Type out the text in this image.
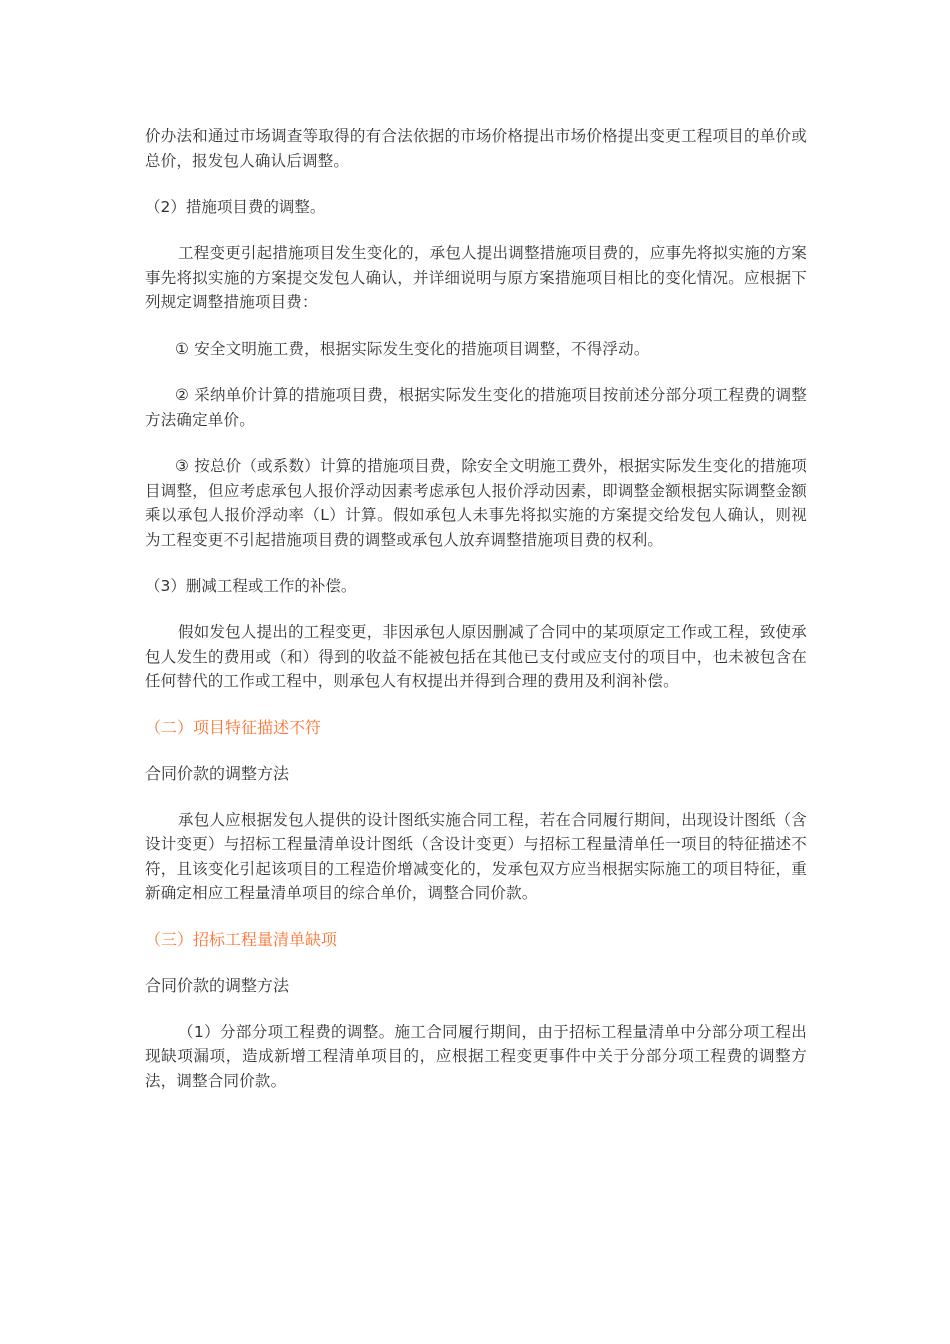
价办法和通过市场调查等取得的有合法依据的市场价格提出市场价格提出变更工程项目的单价或总价，报发包人确认后调整。

（2）措施项目费的调整。

工程变更引起措施项目发生变化的，承包人提出调整措施项目费的，应事先将拟实施的方案事先将拟实施的方案提交发包人确认，并详细说明与原方案措施项目相比的变化情况。应根据下列规定调整措施项目费：

① 安全文明施工费，根据实际发生变化的措施项目调整，不得浮动。

② 采纳单价计算的措施项目费，根据实际发生变化的措施项目按前述分部分项工程费的调整方法确定单价。

③ 按总价（或系数）计算的措施项目费，除安全文明施工费外，根据实际发生变化的措施项目调整，但应考虑承包人报价浮动因素考虑承包人报价浮动因素，即调整金额根据实际调整金额乘以承包人报价浮动率（L）计算。假如承包人未事先将拟实施的方案提交给发包人确认，则视为工程变更不引起措施项目费的调整或承包人放弃调整措施项目费的权利。

（3）删减工程或工作的补偿。

假如发包人提出的工程变更，非因承包人原因删减了合同中的某项原定工作或工程，致使承包人发生的费用或（和）得到的收益不能被包括在其他已支付或应支付的项目中，也未被包含在任何替代的工作或工程中，则承包人有权提出并得到合理的费用及利润补偿。

（二）项目特征描述不符

合同价款的调整方法

承包人应根据发包人提供的设计图纸实施合同工程，若在合同履行期间，出现设计图纸（含设计变更）与招标工程量清单设计图纸（含设计变更）与招标工程量清单任一项目的特征描述不符，且该变化引起该项目的工程造价增减变化的，发承包双方应当根据实际施工的项目特征，重新确定相应工程量清单项目的综合单价，调整合同价款。

（三）招标工程量清单缺项

合同价款的调整方法

（1）分部分项工程费的调整。施工合同履行期间，由于招标工程量清单中分部分项工程出现缺项漏项，造成新增工程清单项目的，应根据工程变更事件中关于分部分项工程费的调整方法，调整合同价款。
